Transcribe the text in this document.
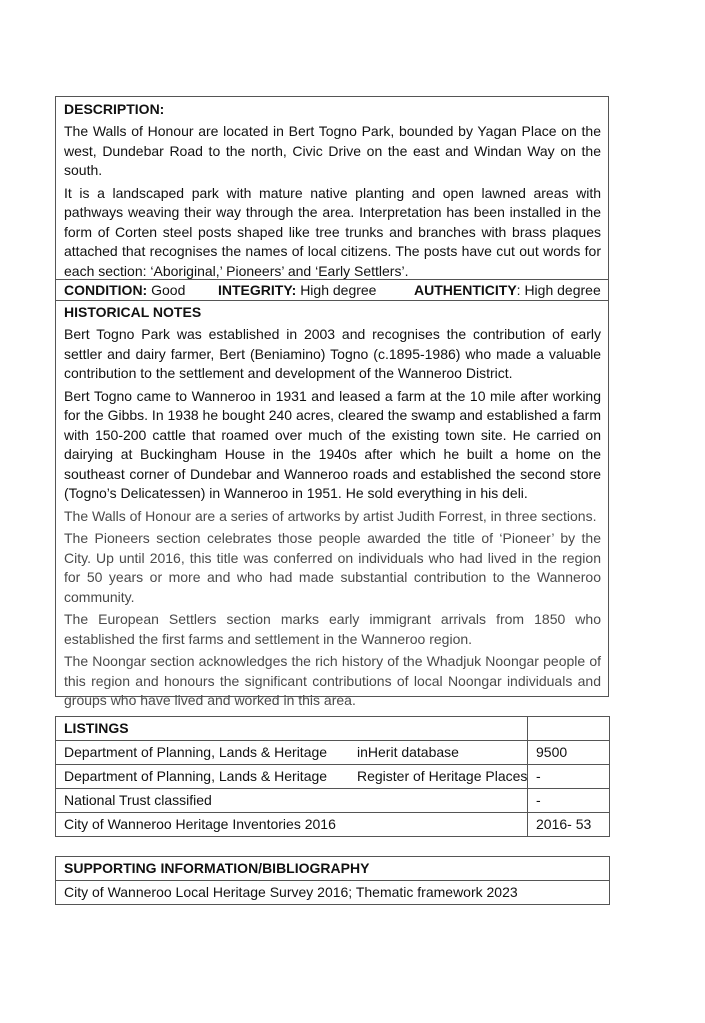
DESCRIPTION:

The Walls of Honour are located in Bert Togno Park, bounded by Yagan Place on the west, Dundebar Road to the north, Civic Drive on the east and Windan Way on the south.

It is a landscaped park with mature native planting and open lawned areas with pathways weaving their way through the area. Interpretation has been installed in the form of Corten steel posts shaped like tree trunks and branches with brass plaques attached that recognises the names of local citizens. The posts have cut out words for each section: ‘Aboriginal,’ Pioneers’ and ‘Early Settlers’.

CONDITION: Good INTEGRITY: High degree	AUTHENTICITY: High degree
HISTORICAL NOTES

Bert Togno Park was established in 2003 and recognises the contribution of early settler and dairy farmer, Bert (Beniamino) Togno (c.1895-1986) who made a valuable contribution to the settlement and development of the Wanneroo District.

Bert Togno came to Wanneroo in 1931 and leased a farm at the 10 mile after working for the Gibbs. In 1938 he bought 240 acres, cleared the swamp and established a farm with 150-200 cattle that roamed over much of the existing town site. He carried on dairying at Buckingham House in the 1940s after which he built a home on the southeast corner of Dundebar and Wanneroo roads and established the second store (Togno’s Delicatessen) in Wanneroo in 1951. He sold everything in his deli.

The Walls of Honour are a series of artworks by artist Judith Forrest, in three sections.

The Pioneers section celebrates those people awarded the title of ‘Pioneer’ by the City. Up until 2016, this title was conferred on individuals who had lived in the region for 50 years or more and who had made substantial contribution to the Wanneroo community.

The European Settlers section marks early immigrant arrivals from 1850 who established the first farms and settlement in the Wanneroo region.

The Noongar section acknowledges the rich history of the Whadjuk Noongar people of this region and honours the significant contributions of local Noongar individuals and groups who have lived and worked in this area.

LISTINGS	

Department of Planning, Lands & Heritage inHerit database	9500

Department of Planning, Lands & Heritage Register of Heritage Places	-
National Trust classified	-
City of Wanneroo Heritage Inventories 2016	2016- 53
SUPPORTING INFORMATION/BIBLIOGRAPHY
City of Wanneroo Local Heritage Survey 2016; Thematic framework 2023
